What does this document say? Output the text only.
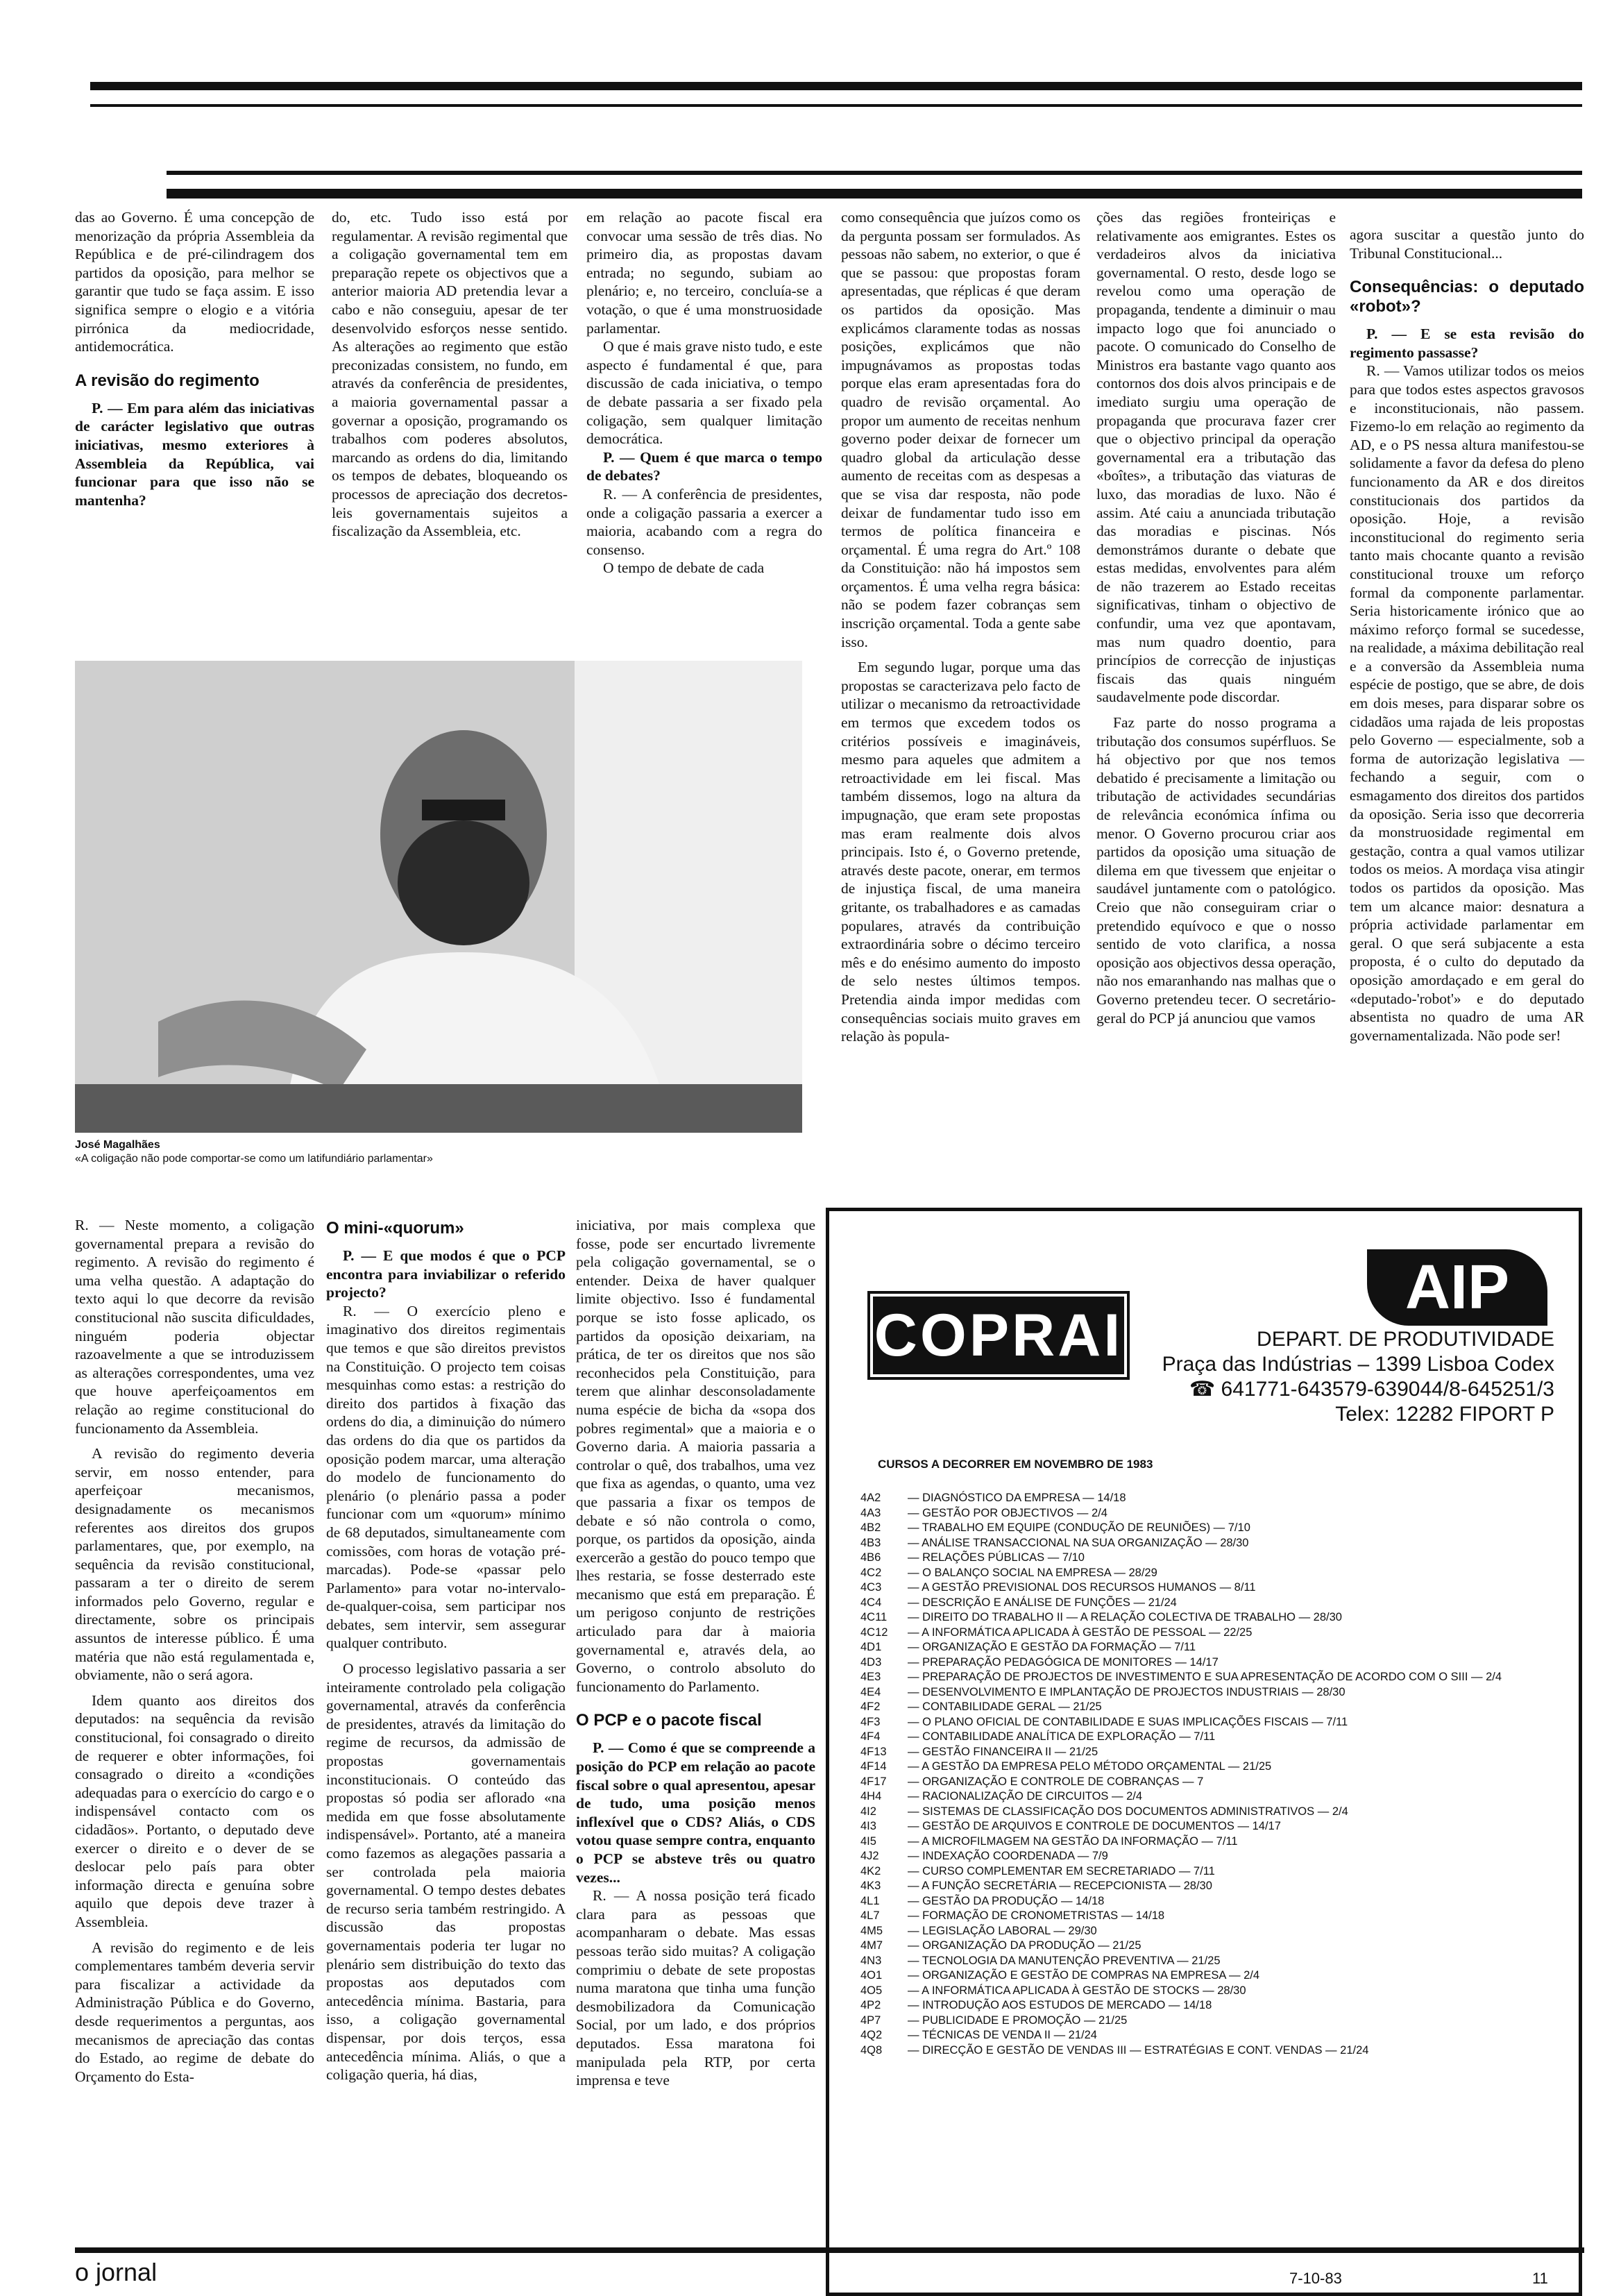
das ao Governo. É uma concepção de menorização da própria Assembleia da República e de pré-cilindragem dos partidos da oposição, para melhor se garantir que tudo se faça assim. E isso significa sempre o elogio e a vitória pirrónica da mediocridade, antidemocrática.

A revisão do regimento

P. — Em para além das iniciativas de carácter legislativo que outras iniciativas, mesmo exteriores à Assembleia da República, vai funcionar para que isso não se mantenha?

do, etc. Tudo isso está por regulamentar. A revisão regimental que a coligação governamental tem em preparação repete os objectivos que a anterior maioria AD pretendia levar a cabo e não conseguiu, apesar de ter desenvolvido esforços nesse sentido. As alterações ao regimento que estão preconizadas consistem, no fundo, em através da conferência de presidentes, a maioria governamental passar a governar a oposição, programando os trabalhos com poderes absolutos, marcando as ordens do dia, limitando os tempos de debates, bloqueando os processos de apreciação dos decretos-leis governamentais sujeitos a fiscalização da Assembleia, etc.

em relação ao pacote fiscal era convocar uma sessão de três dias. No primeiro dia, as propostas davam entrada; no segundo, subiam ao plenário; e, no terceiro, concluía-se a votação, o que é uma monstruosidade parlamentar.

O que é mais grave nisto tudo, e este aspecto é fundamental é que, para discussão de cada iniciativa, o tempo de debate passaria a ser fixado pela coligação, sem qualquer limitação democrática.

P. — Quem é que marca o tempo de debates?

R. — A conferência de presidentes, onde a coligação passaria a exercer a maioria, acabando com a regra do consenso.

O tempo de debate de cada

como consequência que juízos como os da pergunta possam ser formulados. As pessoas não sabem, no exterior, o que é que se passou: que propostas foram apresentadas, que réplicas é que deram os partidos da oposição. Mas explicámos claramente todas as nossas posições, explicámos que não impugnávamos as propostas todas porque elas eram apresentadas fora do quadro de revisão orçamental. Ao propor um aumento de receitas nenhum governo poder deixar de fornecer um quadro global da articulação desse aumento de receitas com as despesas a que se visa dar resposta, não pode deixar de fundamentar tudo isso em termos de política financeira e orçamental. É uma regra do Art.º 108 da Constituição: não há impostos sem orçamentos. É uma velha regra básica: não se podem fazer cobranças sem inscrição orçamental. Toda a gente sabe isso.

Em segundo lugar, porque uma das propostas se caracterizava pelo facto de utilizar o mecanismo da retroactividade em termos que excedem todos os critérios possíveis e imagináveis, mesmo para aqueles que admitem a retroactividade em lei fiscal. Mas também dissemos, logo na altura da impugnação, que eram sete propostas mas eram realmente dois alvos principais. Isto é, o Governo pretende, através deste pacote, onerar, em termos de injustiça fiscal, de uma maneira gritante, os trabalhadores e as camadas populares, através da contribuição extraordinária sobre o décimo terceiro mês e do enésimo aumento do imposto de selo nestes últimos tempos. Pretendia ainda impor medidas com consequências sociais muito graves em relação às popula-

ções das regiões fronteiriças e relativamente aos emigrantes. Estes os verdadeiros alvos da iniciativa governamental. O resto, desde logo se revelou como uma operação de propaganda, tendente a diminuir o mau impacto logo que foi anunciado o pacote. O comunicado do Conselho de Ministros era bastante vago quanto aos contornos dos dois alvos principais e de imediato surgiu uma operação de propaganda que procurava fazer crer que o objectivo principal da operação governamental era a tributação das «boîtes», a tributação das viaturas de luxo, das moradias de luxo. Não é assim. Até caiu a anunciada tributação das moradias e piscinas. Nós demonstrámos durante o debate que estas medidas, envolventes para além de não trazerem ao Estado receitas significativas, tinham o objectivo de confundir, uma vez que apontavam, mas num quadro doentio, para princípios de correcção de injustiças fiscais das quais ninguém saudavelmente pode discordar.

Faz parte do nosso programa a tributação dos consumos supérfluos. Se há objectivo por que nos temos debatido é precisamente a limitação ou tributação de actividades secundárias de relevância económica ínfima ou menor. O Governo procurou criar aos partidos da oposição uma situação de dilema em que tivessem que enjeitar o saudável juntamente com o patológico. Creio que não conseguiram criar o pretendido equívoco e que o nosso sentido de voto clarifica, a nossa oposição aos objectivos dessa operação, não nos emaranhando nas malhas que o Governo pretendeu tecer. O secretário-geral do PCP já anunciou que vamos

agora suscitar a questão junto do Tribunal Constitucional...

Consequências: o deputado «robot»?

P. — E se esta revisão do regimento passasse?

R. — Vamos utilizar todos os meios para que todos estes aspectos gravosos e inconstitucionais, não passem. Fizemo-lo em relação ao regimento da AD, e o PS nessa altura manifestou-se solidamente a favor da defesa do pleno funcionamento da AR e dos direitos constitucionais dos partidos da oposição. Hoje, a revisão inconstitucional do regimento seria tanto mais chocante quanto a revisão constitucional trouxe um reforço formal da componente parlamentar. Seria historicamente irónico que ao máximo reforço formal se sucedesse, na realidade, a máxima debilitação real e a conversão da Assembleia numa espécie de postigo, que se abre, de dois em dois meses, para disparar sobre os cidadãos uma rajada de leis propostas pelo Governo — especialmente, sob a forma de autorização legislativa — fechando a seguir, com o esmagamento dos direitos dos partidos da oposição. Seria isso que decorreria da monstruosidade regimental em gestação, contra a qual vamos utilizar todos os meios. A mordaça visa atingir todos os partidos da oposição. Mas tem um alcance maior: desnatura a própria actividade parlamentar em geral. O que será subjacente a esta proposta, é o culto do deputado da oposição amordaçado e em geral do «deputado-'robot'» e do deputado absentista no quadro de uma AR governamentalizada. Não pode ser!

José Magalhães
«A coligação não pode comportar-se como um latifundiário parlamentar»

R. — Neste momento, a coligação governamental prepara a revisão do regimento. A revisão do regimento é uma velha questão. A adaptação do texto aqui lo que decorre da revisão constitucional não suscita dificuldades, ninguém poderia objectar razoavelmente a que se introduzissem as alterações correspondentes, uma vez que houve aperfeiçoamentos em relação ao regime constitucional do funcionamento da Assembleia.

A revisão do regimento deveria servir, em nosso entender, para aperfeiçoar mecanismos, designadamente os mecanismos referentes aos direitos dos grupos parlamentares, que, por exemplo, na sequência da revisão constitucional, passaram a ter o direito de serem informados pelo Governo, regular e directamente, sobre os principais assuntos de interesse público. É uma matéria que não está regulamentada e, obviamente, não o será agora.

Idem quanto aos direitos dos deputados: na sequência da revisão constitucional, foi consagrado o direito de requerer e obter informações, foi consagrado o direito a «condições adequadas para o exercício do cargo e o indispensável contacto com os cidadãos». Portanto, o deputado deve exercer o direito e o dever de se deslocar pelo país para obter informação directa e genuína sobre aquilo que depois deve trazer à Assembleia.

A revisão do regimento e de leis complementares também deveria servir para fiscalizar a actividade da Administração Pública e do Governo, desde requerimentos a perguntas, aos mecanismos de apreciação das contas do Estado, ao regime de debate do Orçamento do Esta-

O mini-«quorum»

P. — E que modos é que o PCP encontra para inviabilizar o referido projecto?

R. — O exercício pleno e imaginativo dos direitos regimentais que temos e que são direitos previstos na Constituição. O projecto tem coisas mesquinhas como estas: a restrição do direito dos partidos à fixação das ordens do dia, a diminuição do número das ordens do dia que os partidos da oposição podem marcar, uma alteração do modelo de funcionamento do plenário (o plenário passa a poder funcionar com um «quorum» mínimo de 68 deputados, simultaneamente com comissões, com horas de votação pré-marcadas). Pode-se «passar pelo Parlamento» para votar no-intervalo-de-qualquer-coisa, sem participar nos debates, sem intervir, sem assegurar qualquer contributo.

O processo legislativo passaria a ser inteiramente controlado pela coligação governamental, através da conferência de presidentes, através da limitação do regime de recursos, da admissão de propostas governamentais inconstitucionais. O conteúdo das propostas só podia ser aflorado «na medida em que fosse absolutamente indispensável». Portanto, até a maneira como fazemos as alegações passaria a ser controlada pela maioria governamental. O tempo destes debates de recurso seria também restringido. A discussão das propostas governamentais poderia ter lugar no plenário sem distribuição do texto das propostas aos deputados com antecedência mínima. Bastaria, para isso, a coligação governamental dispensar, por dois terços, essa antecedência mínima. Aliás, o que a coligação queria, há dias,

iniciativa, por mais complexa que fosse, pode ser encurtado livremente pela coligação governamental, se o entender. Deixa de haver qualquer limite objectivo. Isso é fundamental porque se isto fosse aplicado, os partidos da oposição deixariam, na prática, de ter os direitos que nos são reconhecidos pela Constituição, para terem que alinhar desconsoladamente numa espécie de bicha da «sopa dos pobres regimental» que a maioria e o Governo daria. A maioria passaria a controlar o quê, dos trabalhos, uma vez que fixa as agendas, o quanto, uma vez que passaria a fixar os tempos de debate e só não controla o como, porque, os partidos da oposição, ainda exercerão a gestão do pouco tempo que lhes restaria, se fosse desterrado este mecanismo que está em preparação. É um perigoso conjunto de restrições articulado para dar à maioria governamental e, através dela, ao Governo, o controlo absoluto do funcionamento do Parlamento.

O PCP e o pacote fiscal

P. — Como é que se compreende a posição do PCP em relação ao pacote fiscal sobre o qual apresentou, apesar de tudo, uma posição menos inflexível que o CDS? Aliás, o CDS votou quase sempre contra, enquanto o PCP se absteve três ou quatro vezes...

R. — A nossa posição terá ficado clara para as pessoas que acompanharam o debate. Mas essas pessoas terão sido muitas? A coligação comprimiu o debate de sete propostas numa maratona que tinha uma função desmobilizadora da Comunicação Social, por um lado, e dos próprios deputados. Essa maratona foi manipulada pela RTP, por certa imprensa e teve

COPRAI
AIP
DEPART. DE PRODUTIVIDADE
Praça das Indústrias – 1399 Lisboa Codex
☎ 641771-643579-639044/8-645251/3
Telex: 12282 FIPORT P
CURSOS A DECORRER EM NOVEMBRO DE 1983
4A2	— DIAGNÓSTICO DA EMPRESA — 14/18
4A3	— GESTÃO POR OBJECTIVOS — 2/4
4B2	— TRABALHO EM EQUIPE (CONDUÇÃO DE REUNIÕES) — 7/10
4B3	— ANÁLISE TRANSACCIONAL NA SUA ORGANIZAÇÃO — 28/30
4B6	— RELAÇÕES PÚBLICAS — 7/10
4C2	— O BALANÇO SOCIAL NA EMPRESA — 28/29
4C3	— A GESTÃO PREVISIONAL DOS RECURSOS HUMANOS — 8/11
4C4	— DESCRIÇÃO E ANÁLISE DE FUNÇÕES — 21/24
4C11	— DIREITO DO TRABALHO II — A RELAÇÃO COLECTIVA DE TRABALHO — 28/30
4C12	— A INFORMÁTICA APLICADA À GESTÃO DE PESSOAL — 22/25
4D1	— ORGANIZAÇÃO E GESTÃO DA FORMAÇÃO — 7/11
4D3	— PREPARAÇÃO PEDAGÓGICA DE MONITORES — 14/17
4E3	— PREPARAÇÃO DE PROJECTOS DE INVESTIMENTO E SUA APRESENTAÇÃO DE ACORDO COM O SIII — 2/4
4E4	— DESENVOLVIMENTO E IMPLANTAÇÃO DE PROJECTOS INDUSTRIAIS — 28/30
4F2	— CONTABILIDADE GERAL — 21/25
4F3	— O PLANO OFICIAL DE CONTABILIDADE E SUAS IMPLICAÇÕES FISCAIS — 7/11
4F4	— CONTABILIDADE ANALÍTICA DE EXPLORAÇÃO — 7/11
4F13	— GESTÃO FINANCEIRA II — 21/25
4F14	— A GESTÃO DA EMPRESA PELO MÉTODO ORÇAMENTAL — 21/25
4F17	— ORGANIZAÇÃO E CONTROLE DE COBRANÇAS — 7
4H4	— RACIONALIZAÇÃO DE CIRCUITOS — 2/4
4I2	— SISTEMAS DE CLASSIFICAÇÃO DOS DOCUMENTOS ADMINISTRATIVOS — 2/4
4I3	— GESTÃO DE ARQUIVOS E CONTROLE DE DOCUMENTOS — 14/17
4I5	— A MICROFILMAGEM NA GESTÃO DA INFORMAÇÃO — 7/11
4J2	— INDEXAÇÃO COORDENADA — 7/9
4K2	— CURSO COMPLEMENTAR EM SECRETARIADO — 7/11
4K3	— A FUNÇÃO SECRETÁRIA — RECEPCIONISTA — 28/30
4L1	— GESTÃO DA PRODUÇÃO — 14/18
4L7	— FORMAÇÃO DE CRONOMETRISTAS — 14/18
4M5	— LEGISLAÇÃO LABORAL — 29/30
4M7	— ORGANIZAÇÃO DA PRODUÇÃO — 21/25
4N3	— TECNOLOGIA DA MANUTENÇÃO PREVENTIVA — 21/25
4O1	— ORGANIZAÇÃO E GESTÃO DE COMPRAS NA EMPRESA — 2/4
4O5	— A INFORMÁTICA APLICADA À GESTÃO DE STOCKS — 28/30
4P2	— INTRODUÇÃO AOS ESTUDOS DE MERCADO — 14/18
4P7	— PUBLICIDADE E PROMOÇÃO — 21/25
4Q2	— TÉCNICAS DE VENDA II — 21/24
4Q8	— DIRECÇÃO E GESTÃO DE VENDAS III — ESTRATÉGIAS E CONT. VENDAS — 21/24
o jornal	7-10-83	11
